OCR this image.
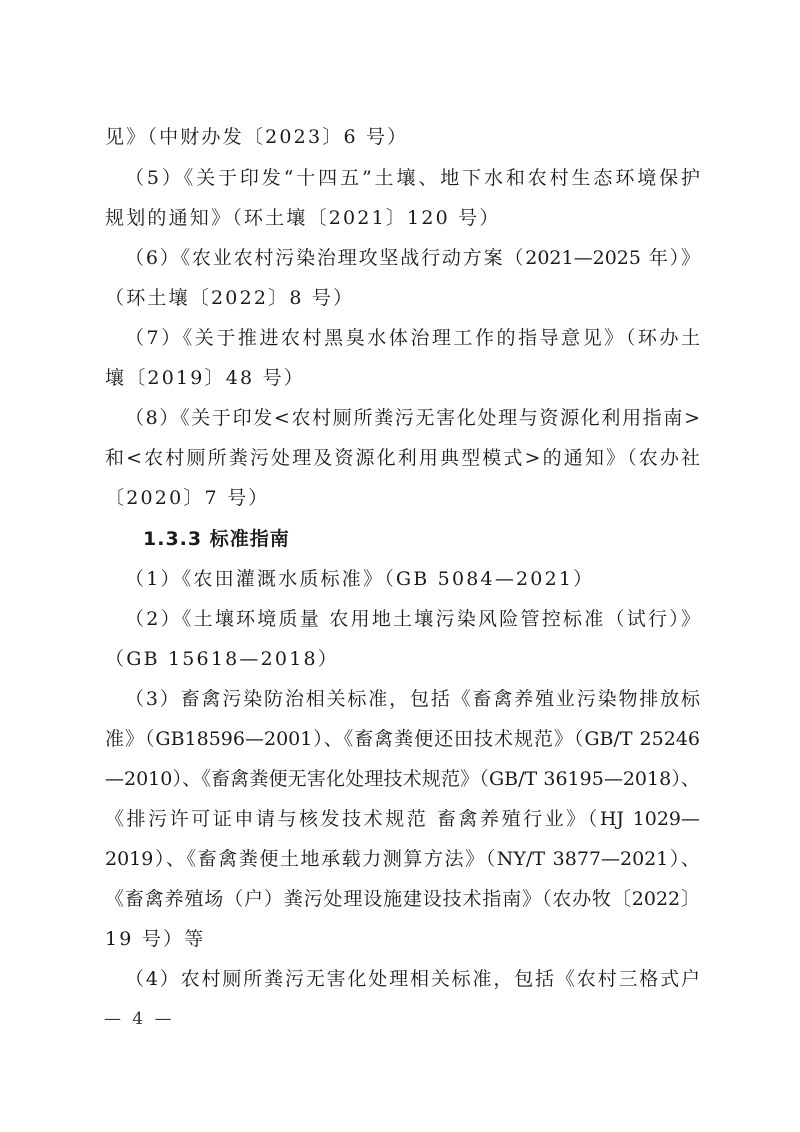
见》（中财办发〔2023〕6 号）
（5）《关于印发“十四五”土壤、地下水和农村生态环境保护
规划的通知》（环土壤〔2021〕120 号）
（6）《农业农村污染治理攻坚战行动方案（2021—2025 年）》
（环土壤〔2022〕8 号）
（7）《关于推进农村黑臭水体治理工作的指导意见》（环办土
壤〔2019〕48 号）
（8）《关于印发<农村厕所粪污无害化处理与资源化利用指南>
和<农村厕所粪污处理及资源化利用典型模式>的通知》（农办社
〔2020〕7 号）
（1）《农田灌溉水质标准》（GB 5084—2021）
（2）《土壤环境质量 农用地土壤污染风险管控标准（试行）》
（GB 15618—2018）
（3）畜禽污染防治相关标准，包括《畜禽养殖业污染物排放标
准》（GB18596—2001）、《畜禽粪便还田技术规范》（GB/T 25246
—2010）、《畜禽粪便无害化处理技术规范》（GB/T 36195—2018）、
《排污许可证申请与核发技术规范 畜禽养殖行业》（HJ 1029—
2019）、《畜禽粪便土地承载力测算方法》（NY/T 3877—2021）、
《畜禽养殖场（户）粪污处理设施建设技术指南》（农办牧〔2022〕
19 号）等
（4）农村厕所粪污无害化处理相关标准，包括《农村三格式户
1.3.3 标准指南
— 4 —
